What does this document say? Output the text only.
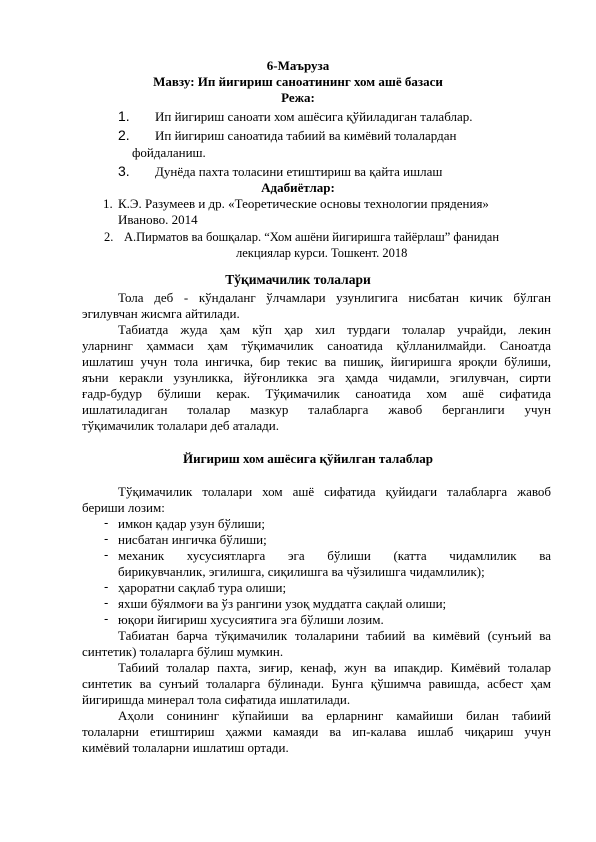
6-Маъруза
Мавзу: Ип йигириш саноатининг хом ашё базаси
Режа:
1. Ип йигириш саноати хом ашёсига қўйиладиган талаблар.
2. Ип йигириш саноатида табиий ва кимёвий толалардан
фойдаланиш.
3. Дунёда пахта толасини етиштириш ва қайта ишлаш
Адабиётлар:
1. К.Э. Разумеев и др. «Теоретические основы технологии прядения»
Иваново. 2014
2. А.Пирматов ва бошқалар. “Хом ашёни йигиришга тайёрлаш” фанидан
лекциялар курси. Тошкент. 2018
Тўқимачилик толалари
Тола деб - кўндаланг ўлчамлари узунлигига нисбатан кичик бўлган
эгилувчан жисмга айтилади.
Табиатда жуда ҳам кўп ҳар хил турдаги толалар учрайди, лекин
уларнинг ҳаммаси ҳам тўқимачилик саноатида қўлланилмайди. Саноатда
ишлатиш учун тола ингичка, бир текис ва пишиқ, йигиришга яроқли бўлиши,
яъни керакли узунликка, йўғонликка эга ҳамда чидамли, эгилувчан, сирти
ғадр-будур бўлиши керак. Тўқимачилик саноатида хом ашё сифатида
ишлатиладиган толалар мазкур талабларга жавоб берганлиги учун
тўқимачилик толалари деб аталади.
Йигириш хом ашёсига қўйилган талаблар
Тўқимачилик толалари хом ашё сифатида қуйидаги талабларга жавоб
бериши лозим:
- имкон қадар узун бўлиши;
- нисбатан ингичка бўлиши;
- механик хусусиятларга эга бўлиши (катта чидамлилик ва
бирикувчанлик, эгилишга, сиқилишга ва чўзилишга чидамлилик);
- ҳароратни сақлаб тура олиши;
- яхши бўялмоғи ва ўз рангини узоқ муддатга сақлай олиши;
- юқори йигириш хусусиятига эга бўлиши лозим.
Табиатан барча тўқимачилик толаларини табиий ва кимёвий (сунъий ва
синтетик) толаларга бўлиш мумкин.
Табиий толалар пахта, зиғир, кенаф, жун ва ипакдир. Кимёвий толалар
синтетик ва сунъий толаларга бўлинади. Бунга қўшимча равишда, асбест ҳам
йигиришда минерал тола сифатида ишлатилади.
Аҳоли сонининг кўпайиши ва ерларнинг камайиши билан табиий
толаларни етиштириш ҳажми камаяди ва ип-калава ишлаб чиқариш учун
кимёвий толаларни ишлатиш ортади.
